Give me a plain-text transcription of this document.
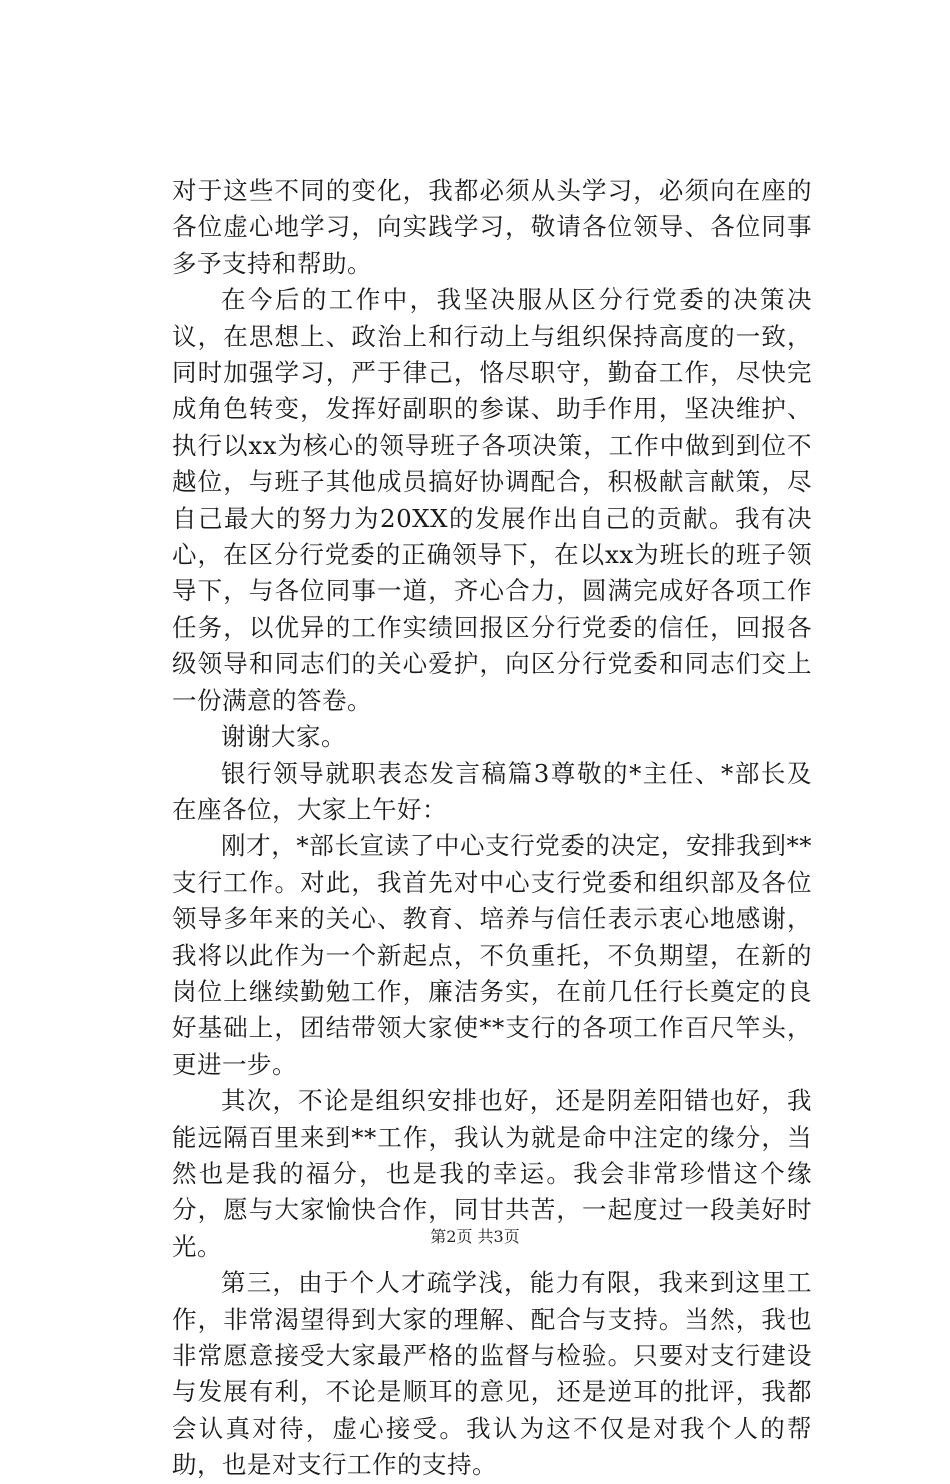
对于这些不同的变化，我都必须从头学习，必须向在座的各位虚心地学习，向实践学习，敬请各位领导、各位同事多予支持和帮助。

在今后的工作中，我坚决服从区分行党委的决策决议，在思想上、政治上和行动上与组织保持高度的一致，同时加强学习，严于律己，恪尽职守，勤奋工作，尽快完成角色转变，发挥好副职的参谋、助手作用，坚决维护、执行以xx为核心的领导班子各项决策，工作中做到到位不越位，与班子其他成员搞好协调配合，积极献言献策，尽自己最大的努力为20XX的发展作出自己的贡献。我有决心，在区分行党委的正确领导下，在以xx为班长的班子领导下，与各位同事一道，齐心合力，圆满完成好各项工作任务，以优异的工作实绩回报区分行党委的信任，回报各级领导和同志们的关心爱护，向区分行党委和同志们交上一份满意的答卷。

谢谢大家。

银行领导就职表态发言稿篇3尊敬的*主任、*部长及在座各位，大家上午好：

刚才，*部长宣读了中心支行党委的决定，安排我到**支行工作。对此，我首先对中心支行党委和组织部及各位领导多年来的关心、教育、培养与信任表示衷心地感谢，我将以此作为一个新起点，不负重托，不负期望，在新的岗位上继续勤勉工作，廉洁务实，在前几任行长奠定的良好基础上，团结带领大家使**支行的各项工作百尺竿头，更进一步。

其次，不论是组织安排也好，还是阴差阳错也好，我能远隔百里来到**工作，我认为就是命中注定的缘分，当然也是我的福分，也是我的幸运。我会非常珍惜这个缘分，愿与大家愉快合作，同甘共苦，一起度过一段美好时光。

第三，由于个人才疏学浅，能力有限，我来到这里工作，非常渴望得到大家的理解、配合与支持。当然，我也非常愿意接受大家最严格的监督与检验。只要对支行建设与发展有利，不论是顺耳的意见，还是逆耳的批评，我都会认真对待，虚心接受。我认为这不仅是对我个人的帮助，也是对支行工作的支持。

第2页 共3页
